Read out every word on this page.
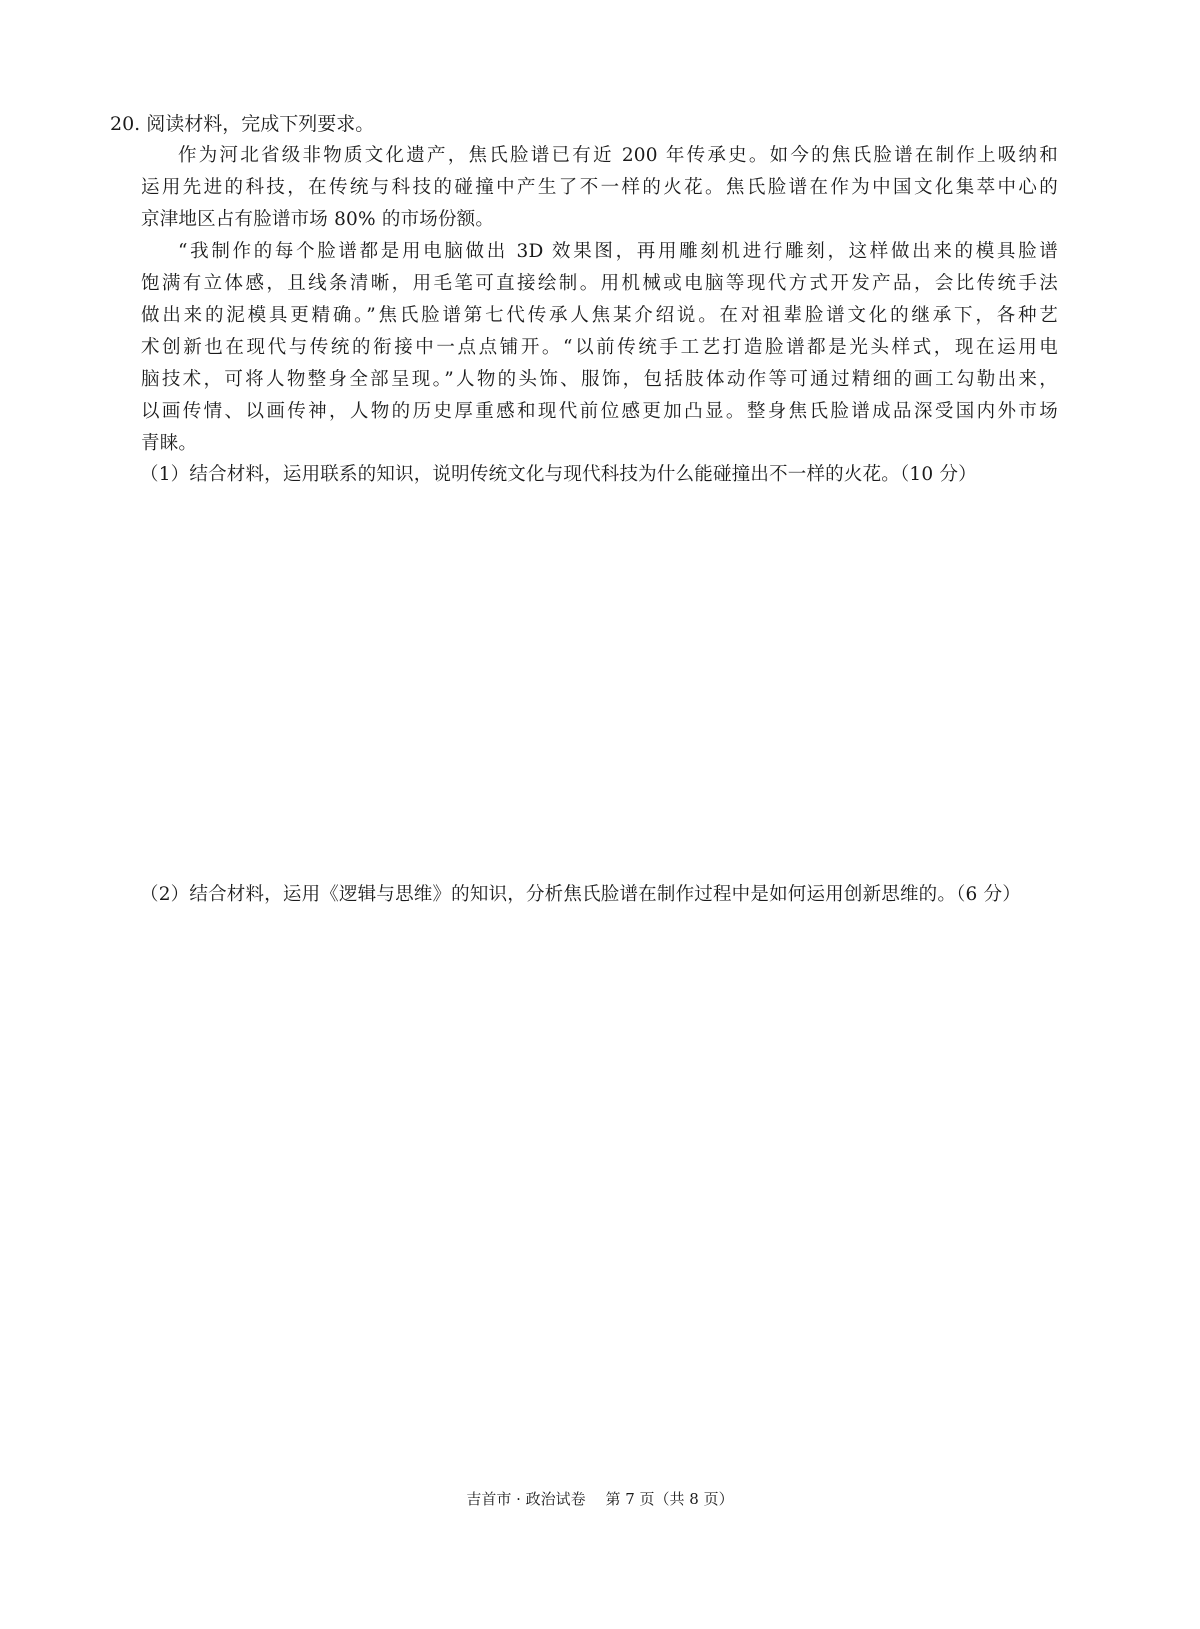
20. 阅读材料，完成下列要求。
作为河北省级非物质文化遗产，焦氏脸谱已有近 200 年传承史。如今的焦氏脸谱在制作上吸纳和
运用先进的科技，在传统与科技的碰撞中产生了不一样的火花。焦氏脸谱在作为中国文化集萃中心的
京津地区占有脸谱市场 80% 的市场份额。
“我制作的每个脸谱都是用电脑做出 3D 效果图，再用雕刻机进行雕刻，这样做出来的模具脸谱
饱满有立体感，且线条清晰，用毛笔可直接绘制。用机械或电脑等现代方式开发产品，会比传统手法
做出来的泥模具更精确。”焦氏脸谱第七代传承人焦某介绍说。在对祖辈脸谱文化的继承下，各种艺
术创新也在现代与传统的衔接中一点点铺开。“以前传统手工艺打造脸谱都是光头样式，现在运用电
脑技术，可将人物整身全部呈现。”人物的头饰、服饰，包括肢体动作等可通过精细的画工勾勒出来，
以画传情、以画传神，人物的历史厚重感和现代前位感更加凸显。整身焦氏脸谱成品深受国内外市场
青睐。
（1）结合材料，运用联系的知识，说明传统文化与现代科技为什么能碰撞出不一样的火花。（10 分）
（2）结合材料，运用《逻辑与思维》的知识，分析焦氏脸谱在制作过程中是如何运用创新思维的。（6 分）
吉首市 · 政治试卷　 第 7 页（共 8 页）
